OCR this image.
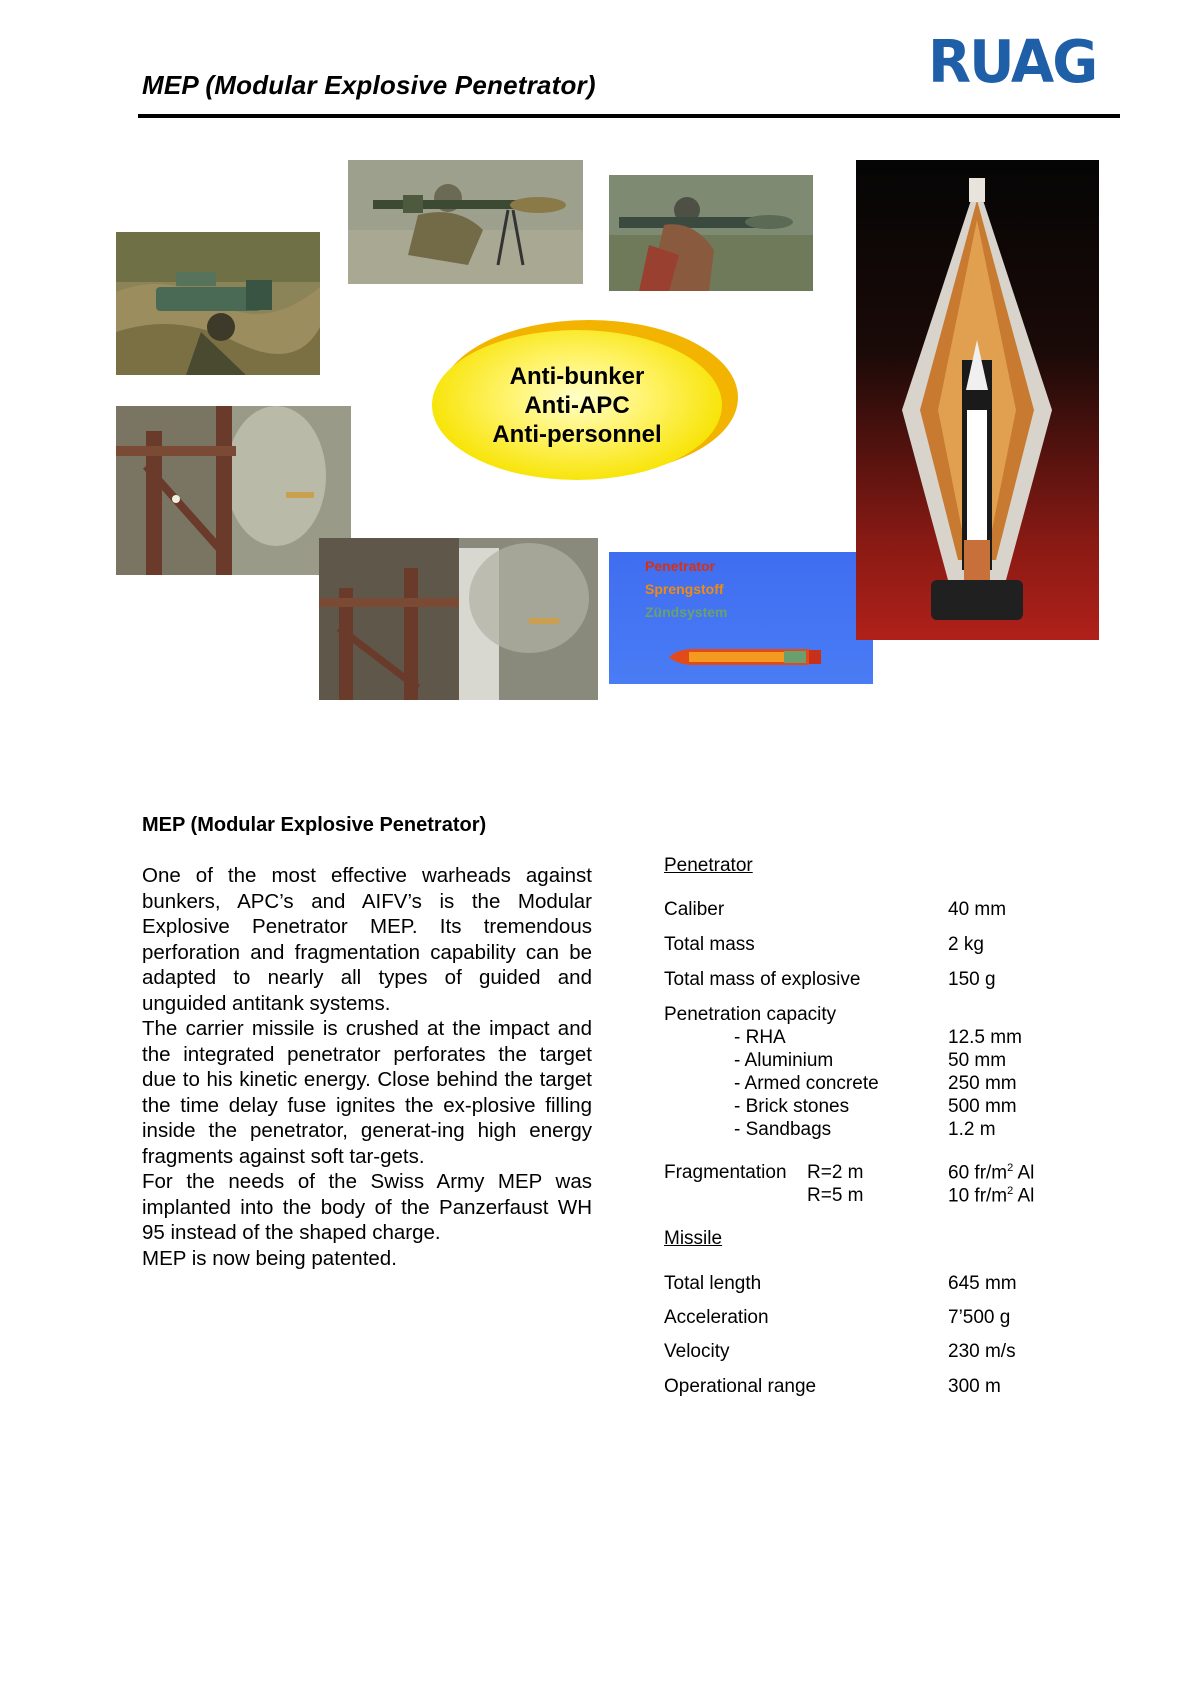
MEP (Modular Explosive Penetrator)	RUAG
Penetrator
Sprengstoff
Zündsystem
Anti-bunker
Anti-APC
Anti-personnel
MEP (Modular Explosive Penetrator)

One of the most effective warheads against bunkers, APC’s and AIFV’s is the Modular Explosive Penetrator MEP. Its tremendous perforation and fragmentation capability can be adapted to nearly all types of guided and unguided antitank systems.

The carrier missile is crushed at the impact and the integrated penetrator perforates the target due to his kinetic energy. Close behind the target the time delay fuse ignites the ex-plosive filling inside the penetrator, generat-ing high energy fragments against soft tar-gets.

For the needs of the Swiss Army MEP was implanted into the body of the Panzerfaust WH 95 instead of the shaped charge.

MEP is now being patented.

Penetrator
Caliber	40 mm
Total mass	2 kg
Total mass of explosive	150 g
Penetration capacity
- RHA	12.5 mm
- Aluminium	50 mm
- Armed concrete	250 mm
- Brick stones	500 mm
- Sandbags	1.2 m
Fragmentation R=2 m	60 $fr/m^2$ Al
R=5 m	10 $fr/m^2$ Al
Missile
Total length	645 mm
Acceleration	7’500 g
Velocity	230 m/s
Operational range	300 m
